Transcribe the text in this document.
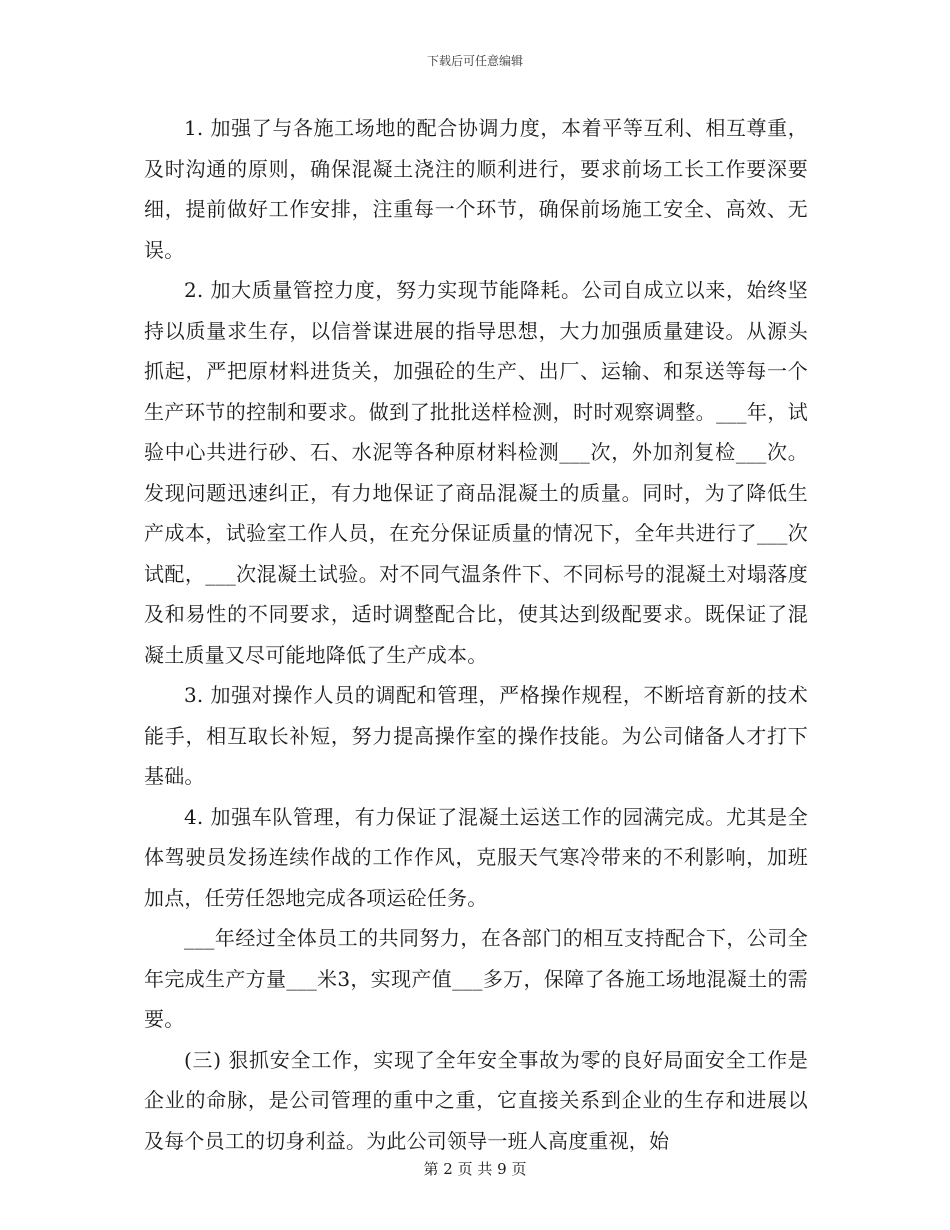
下载后可任意编辑

1. 加强了与各施工场地的配合协调力度，本着平等互利、相互尊重，及时沟通的原则，确保混凝土浇注的顺利进行，要求前场工长工作要深要细，提前做好工作安排，注重每一个环节，确保前场施工安全、高效、无误。

2. 加大质量管控力度，努力实现节能降耗。公司自成立以来，始终坚持以质量求生存，以信誉谋进展的指导思想，大力加强质量建设。从源头抓起，严把原材料进货关，加强砼的生产、出厂、运输、和泵送等每一个生产环节的控制和要求。做到了批批送样检测，时时观察调整。___年，试验中心共进行砂、石、水泥等各种原材料检测___次，外加剂复检___次。发现问题迅速纠正，有力地保证了商品混凝土的质量。同时，为了降低生产成本，试验室工作人员，在充分保证质量的情况下，全年共进行了___次试配，___次混凝土试验。对不同气温条件下、不同标号的混凝土对塌落度及和易性的不同要求，适时调整配合比，使其达到级配要求。既保证了混凝土质量又尽可能地降低了生产成本。

3. 加强对操作人员的调配和管理，严格操作规程，不断培育新的技术能手，相互取长补短，努力提高操作室的操作技能。为公司储备人才打下基础。

4. 加强车队管理，有力保证了混凝土运送工作的园满完成。尤其是全体驾驶员发扬连续作战的工作作风，克服天气寒冷带来的不利影响，加班加点，任劳任怨地完成各项运砼任务。

___年经过全体员工的共同努力，在各部门的相互支持配合下，公司全年完成生产方量___米3，实现产值___多万，保障了各施工场地混凝土的需要。

(三) 狠抓安全工作，实现了全年安全事故为零的良好局面安全工作是企业的命脉，是公司管理的重中之重，它直接关系到企业的生存和进展以及每个员工的切身利益。为此公司领导一班人高度重视，始

第 2 页 共 9 页
